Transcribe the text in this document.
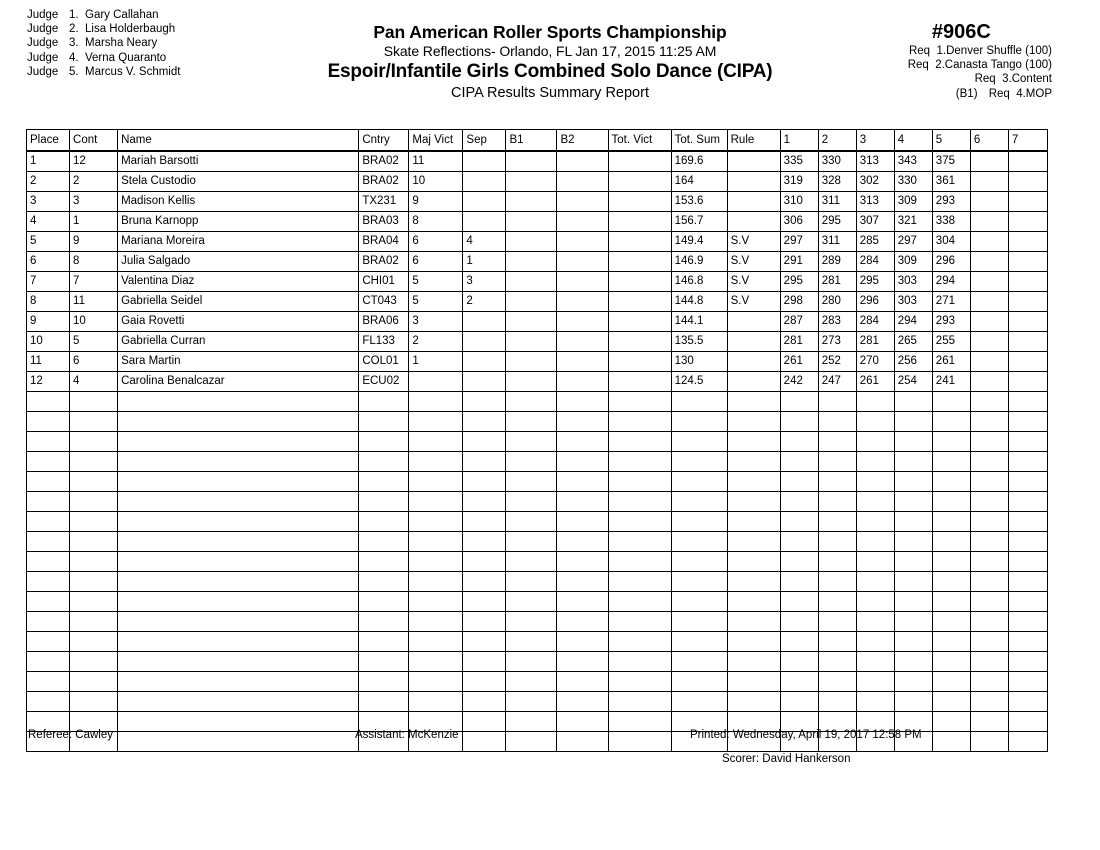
Judge 1. Gary Callahan
Judge 2. Lisa Holderbaugh
Judge 3. Marsha Neary
Judge 4. Verna Quaranto
Judge 5. Marcus V. Schmidt
Pan American Roller Sports Championship
Skate Reflections- Orlando, FL Jan 17, 2015 11:25 AM
Espoir/Infantile Girls Combined Solo Dance (CIPA)
CIPA Results Summary Report
#906C
Req 1.Denver Shuffle (100)
Req 2.Canasta Tango (100)
Req 3.Content
(B1) Req 4.MOP
Place	Cont	Name	Cntry	Maj Vict	Sep	B1	B2	Tot. Vict	Tot. Sum	Rule	1	2	3	4	5	6	7
1	12	Mariah Barsotti	BRA02	11					169.6		335	330	313	343	375		
2	2	Stela Custodio	BRA02	10					164		319	328	302	330	361		
3	3	Madison Kellis	TX231	9					153.6		310	311	313	309	293		
4	1	Bruna Karnopp	BRA03	8					156.7		306	295	307	321	338		
5	9	Mariana Moreira	BRA04	6	4				149.4	S.V	297	311	285	297	304		
6	8	Julia Salgado	BRA02	6	1				146.9	S.V	291	289	284	309	296		
7	7	Valentina Diaz	CHI01	5	3				146.8	S.V	295	281	295	303	294		
8	11	Gabriella Seidel	CT043	5	2				144.8	S.V	298	280	296	303	271		
9	10	Gaia Rovetti	BRA06	3					144.1		287	283	284	294	293		
10	5	Gabriella Curran	FL133	2					135.5		281	273	281	265	255		
11	6	Sara Martin	COL01	1					130		261	252	270	256	261		
12	4	Carolina Benalcazar	ECU02						124.5		242	247	261	254	241		

Referee: Cawley	Assistant: McKenzie	Printed: Wednesday, April 19, 2017 12:58 PM
Scorer: David Hankerson
